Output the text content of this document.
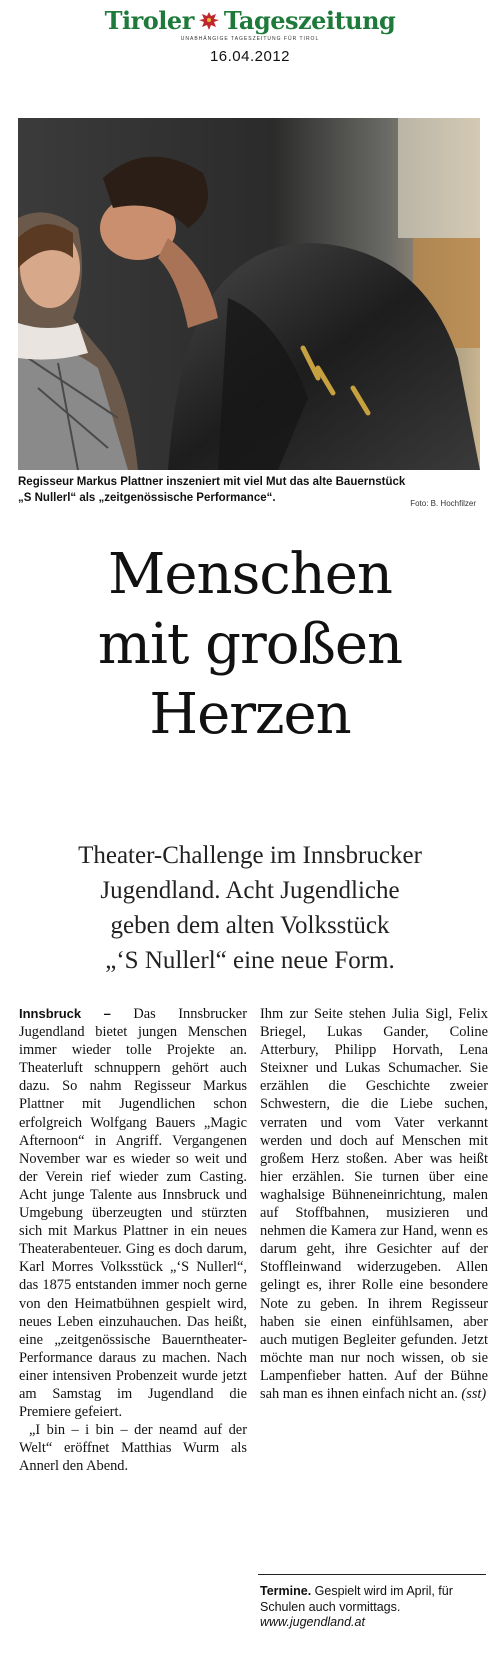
Tiroler Tageszeitung
UNABHÄNGIGE TAGESZEITUNG FÜR TIROL
16.04.2012
Regisseur Markus Plattner inszeniert mit viel Mut das alte Bauernstück
„S Nullerl“ als „zeitgenössische Performance“.	Foto: B. Hochfilzer
Menschen
mit großen
Herzen
Theater-Challenge im Innsbrucker
Jugendland. Acht Jugendliche
geben dem alten Volksstück
„‘S Nullerl“ eine neue Form.

Innsbruck – Das Innsbrucker Jugendland bietet jungen Menschen immer wieder tolle Projekte an. Theaterluft schnuppern gehört auch dazu. So nahm Regisseur Markus Plattner mit Jugendlichen schon erfolgreich Wolfgang Bauers „Magic Afternoon“ in Angriff. Vergangenen November war es wieder so weit und der Verein rief wieder zum Casting. Acht junge Talente aus Innsbruck und Umgebung überzeugten und stürzten sich mit Markus Plattner in ein neues Theaterabenteuer. Ging es doch darum, Karl Morres Volksstück „‘S Nullerl“, das 1875 entstanden immer noch gerne von den Heimatbühnen gespielt wird, neues Leben einzuhauchen. Das heißt, eine „zeitgenössische Bauerntheater-Performance daraus zu machen. Nach einer intensiven Probenzeit wurde jetzt am Samstag im Jugendland die Premiere gefeiert.

„I bin – i bin – der neamd auf der Welt“ eröffnet Matthias Wurm als Annerl den Abend.

Ihm zur Seite stehen Julia Sigl, Felix Briegel, Lukas Gander, Coline Atterbury, Philipp Horvath, Lena Steixner und Lukas Schumacher. Sie erzählen die Geschichte zweier Schwestern, die die Liebe suchen, verraten und vom Vater verkannt werden und doch auf Menschen mit großem Herz stoßen. Aber was heißt hier erzählen. Sie turnen über eine waghalsige Bühneneinrichtung, malen auf Stoffbahnen, musizieren und nehmen die Kamera zur Hand, wenn es darum geht, ihre Gesichter auf der Stoffleinwand widerzugeben. Allen gelingt es, ihrer Rolle eine besondere Note zu geben. In ihrem Regisseur haben sie einen einfühlsamen, aber auch mutigen Begleiter gefunden. Jetzt möchte man nur noch wissen, ob sie Lampenfieber hatten. Auf der Bühne sah man es ihnen einfach nicht an. (sst)

Termine. Gespielt wird im April, für Schulen auch vormittags.
www.jugendland.at
